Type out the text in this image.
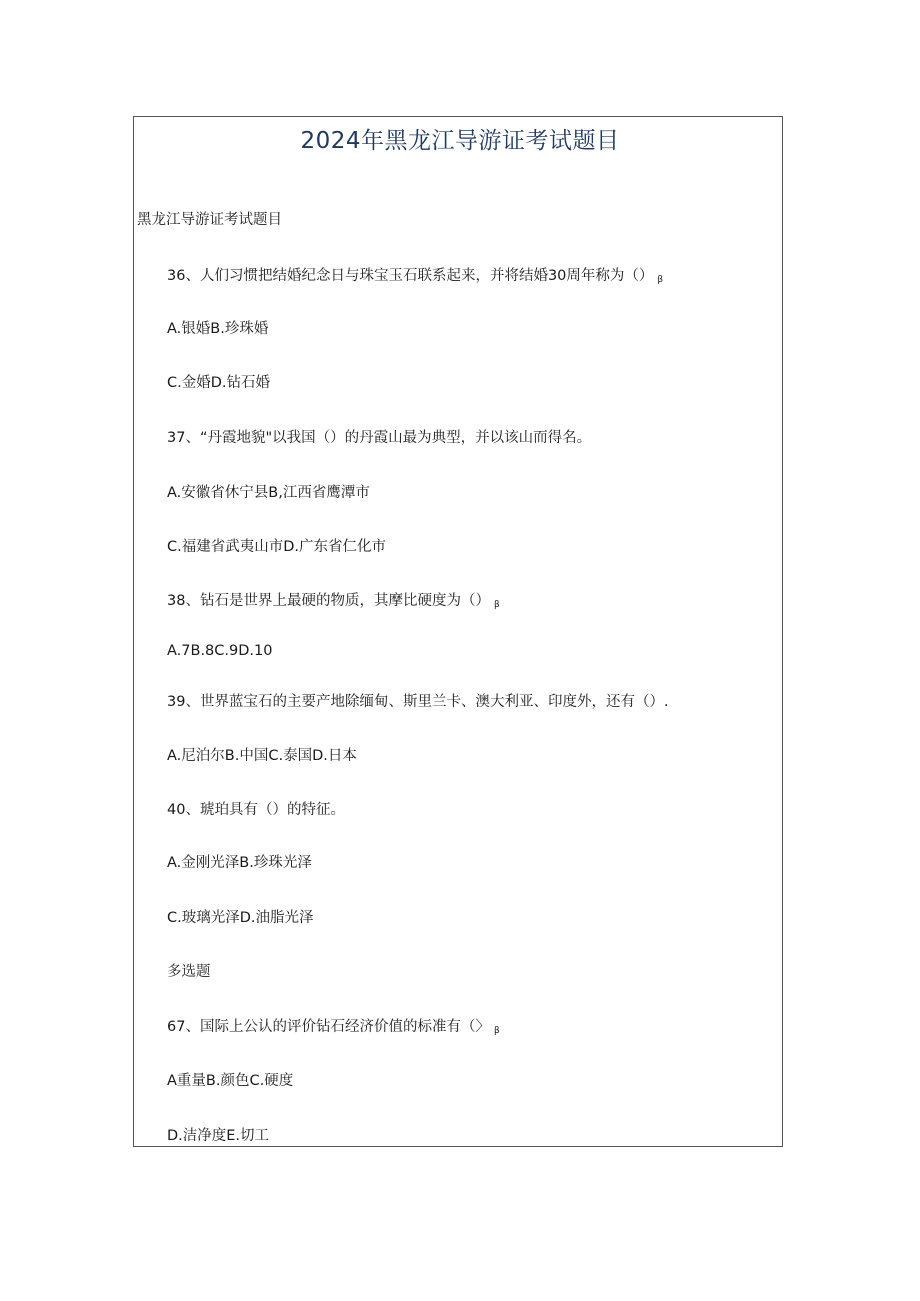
2024年黑龙江导游证考试题目

黑龙江导游证考试题目

36、人们习惯把结婚纪念日与珠宝玉石联系起来，并将结婚30周年称为（） β

A.银婚B.珍珠婚

C.金婚D.钻石婚

37、“丹霞地貌"以我国（）的丹霞山最为典型，并以该山而得名。

A.安徽省休宁县B,江西省鹰潭市

C.福建省武夷山市D.广东省仁化市

38、钻石是世界上最硬的物质，其摩比硬度为（） β

A.7B.8C.9D.10

39、世界蓝宝石的主要产地除缅甸、斯里兰卡、澳大利亚、印度外，还有（）.

A.尼泊尔B.中国C.泰国D.日本

40、琥珀具有（）的特征。

A.金刚光泽B.珍珠光泽

C.玻璃光泽D.油脂光泽

多选题

67、国际上公认的评价钻石经济价值的标准有（〉 β

A重量B.颜色C.硬度

D.洁净度E.切工
